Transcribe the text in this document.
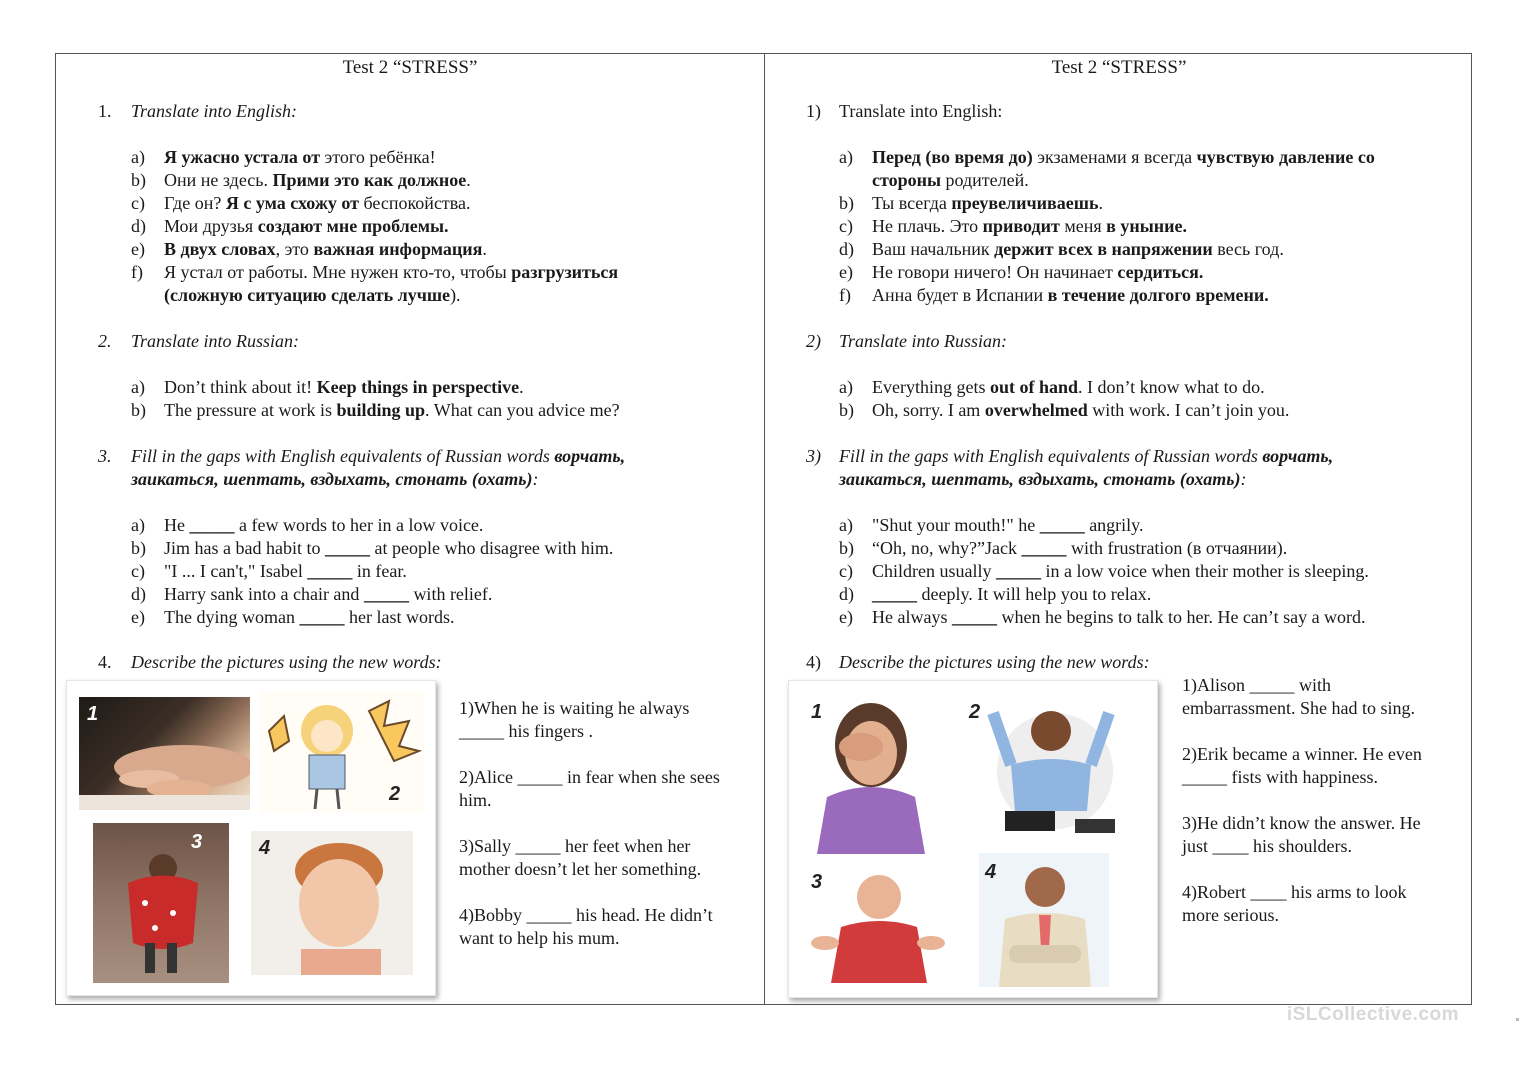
Test 2 “STRESS”
1. Translate into English:
a) Я ужасно устала от этого ребёнка!
b) Они не здесь. Прими это как должное.
c) Где он? Я с ума схожу от беспокойства.
d) Мои друзья создают мне проблемы.
e) В двух словах, это важная информация.
f) Я устал от работы. Мне нужен кто-то, чтобы разгрузиться
(сложную ситуацию сделать лучше).
2. Translate into Russian:
a) Don’t think about it! Keep things in perspective.
b) The pressure at work is building up. What can you advice me?
3. Fill in the gaps with English equivalents of Russian words ворчать,
заикаться, шептать, вздыхать, стонать (охать):
a) He _____ a few words to her in a low voice.
b) Jim has a bad habit to _____ at people who disagree with him.
c) "I ... I can't," Isabel _____ in fear.
d) Harry sank into a chair and _____ with relief.
e) The dying woman _____ her last words.
4. Describe the pictures using the new words:
1
2
3	4
1)When he is waiting he always
_____ his fingers .
2)Alice _____ in fear when she sees
him.
3)Sally _____ her feet when her
mother doesn’t let her something.
4)Bobby _____ his head. He didn’t
want to help his mum.
Test 2 “STRESS”
1) Translate into English:
a) Перед (во время до) экзаменами я всегда чувствую давление со
стороны родителей.
b) Ты всегда преувеличиваешь.
c) Не плачь. Это приводит меня в уныние.
d) Ваш начальник держит всех в напряжении весь год.
e) Не говори ничего! Он начинает сердиться.
f) Анна будет в Испании в течение долгого времени.
2) Translate into Russian:
a) Everything gets out of hand. I don’t know what to do.
b) Oh, sorry. I am overwhelmed with work. I can’t join you.
3) Fill in the gaps with English equivalents of Russian words ворчать,
заикаться, шептать, вздыхать, стонать (охать):
a) "Shut your mouth!" he _____ angrily.
b) “Oh, no, why?”Jack _____ with frustration (в отчаянии).
c) Children usually _____ in a low voice when their mother is sleeping.
d) _____ deeply. It will help you to relax.
e) He always _____ when he begins to talk to her. He can’t say a word.
4) Describe the pictures using the new words:
1	2
3	4
1)Alison _____ with
embarrassment. She had to sing.
2)Erik became a winner. He even
_____ fists with happiness.
3)He didn’t know the answer. He
just ____ his shoulders.
4)Robert ____ his arms to look
more serious.
iSLCollective.com
